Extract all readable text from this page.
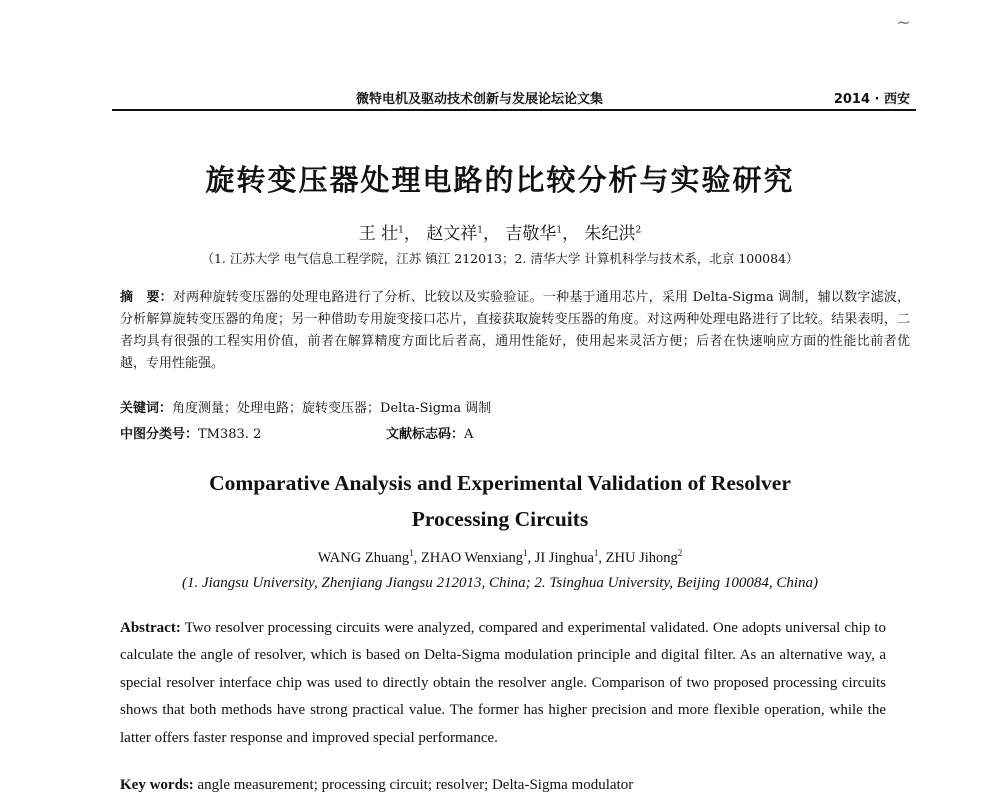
~
微特电机及驱动技术创新与发展论坛论文集	2014 · 西安
旋转变压器处理电路的比较分析与实验研究
王 壮$^1$， 赵文祥$^1$， 吉敬华$^1$， 朱纪洪$^2$
（1. 江苏大学 电气信息工程学院，江苏 镇江 212013；2. 清华大学 计算机科学与技术系，北京 100084）
摘　要：对两种旋转变压器的处理电路进行了分析、比较以及实验验证。一种基于通用芯片，采用 Delta-Sigma 调制，辅以数字滤波，分析解算旋转变压器的角度；另一种借助专用旋变接口芯片，直接获取旋转变压器的角度。对这两种处理电路进行了比较。结果表明，二者均具有很强的工程实用价值，前者在解算精度方面比后者高，通用性能好，使用起来灵活方便；后者在快速响应方面的性能比前者优越，专用性能强。
关键词：角度测量；处理电路；旋转变压器；Delta-Sigma 调制
中图分类号：TM383. 2	文献标志码：A
Comparative Analysis and Experimental Validation of Resolver
Processing Circuits
WANG Zhuang$^1$, ZHAO Wenxiang$^1$, JI Jinghua$^1$, ZHU Jihong$^2$
(1. Jiangsu University, Zhenjiang Jiangsu 212013, China; 2. Tsinghua University, Beijing 100084, China)
Abstract: Two resolver processing circuits were analyzed, compared and experimental validated. One adopts universal chip to calculate the angle of resolver, which is based on Delta-Sigma modulation principle and digital filter. As an alternative way, a special resolver interface chip was used to directly obtain the resolver angle. Comparison of two proposed processing circuits shows that both methods have strong practical value. The former has higher precision and more flexible operation, while the latter offers faster response and improved special performance.
Key words: angle measurement; processing circuit; resolver; Delta-Sigma modulator
